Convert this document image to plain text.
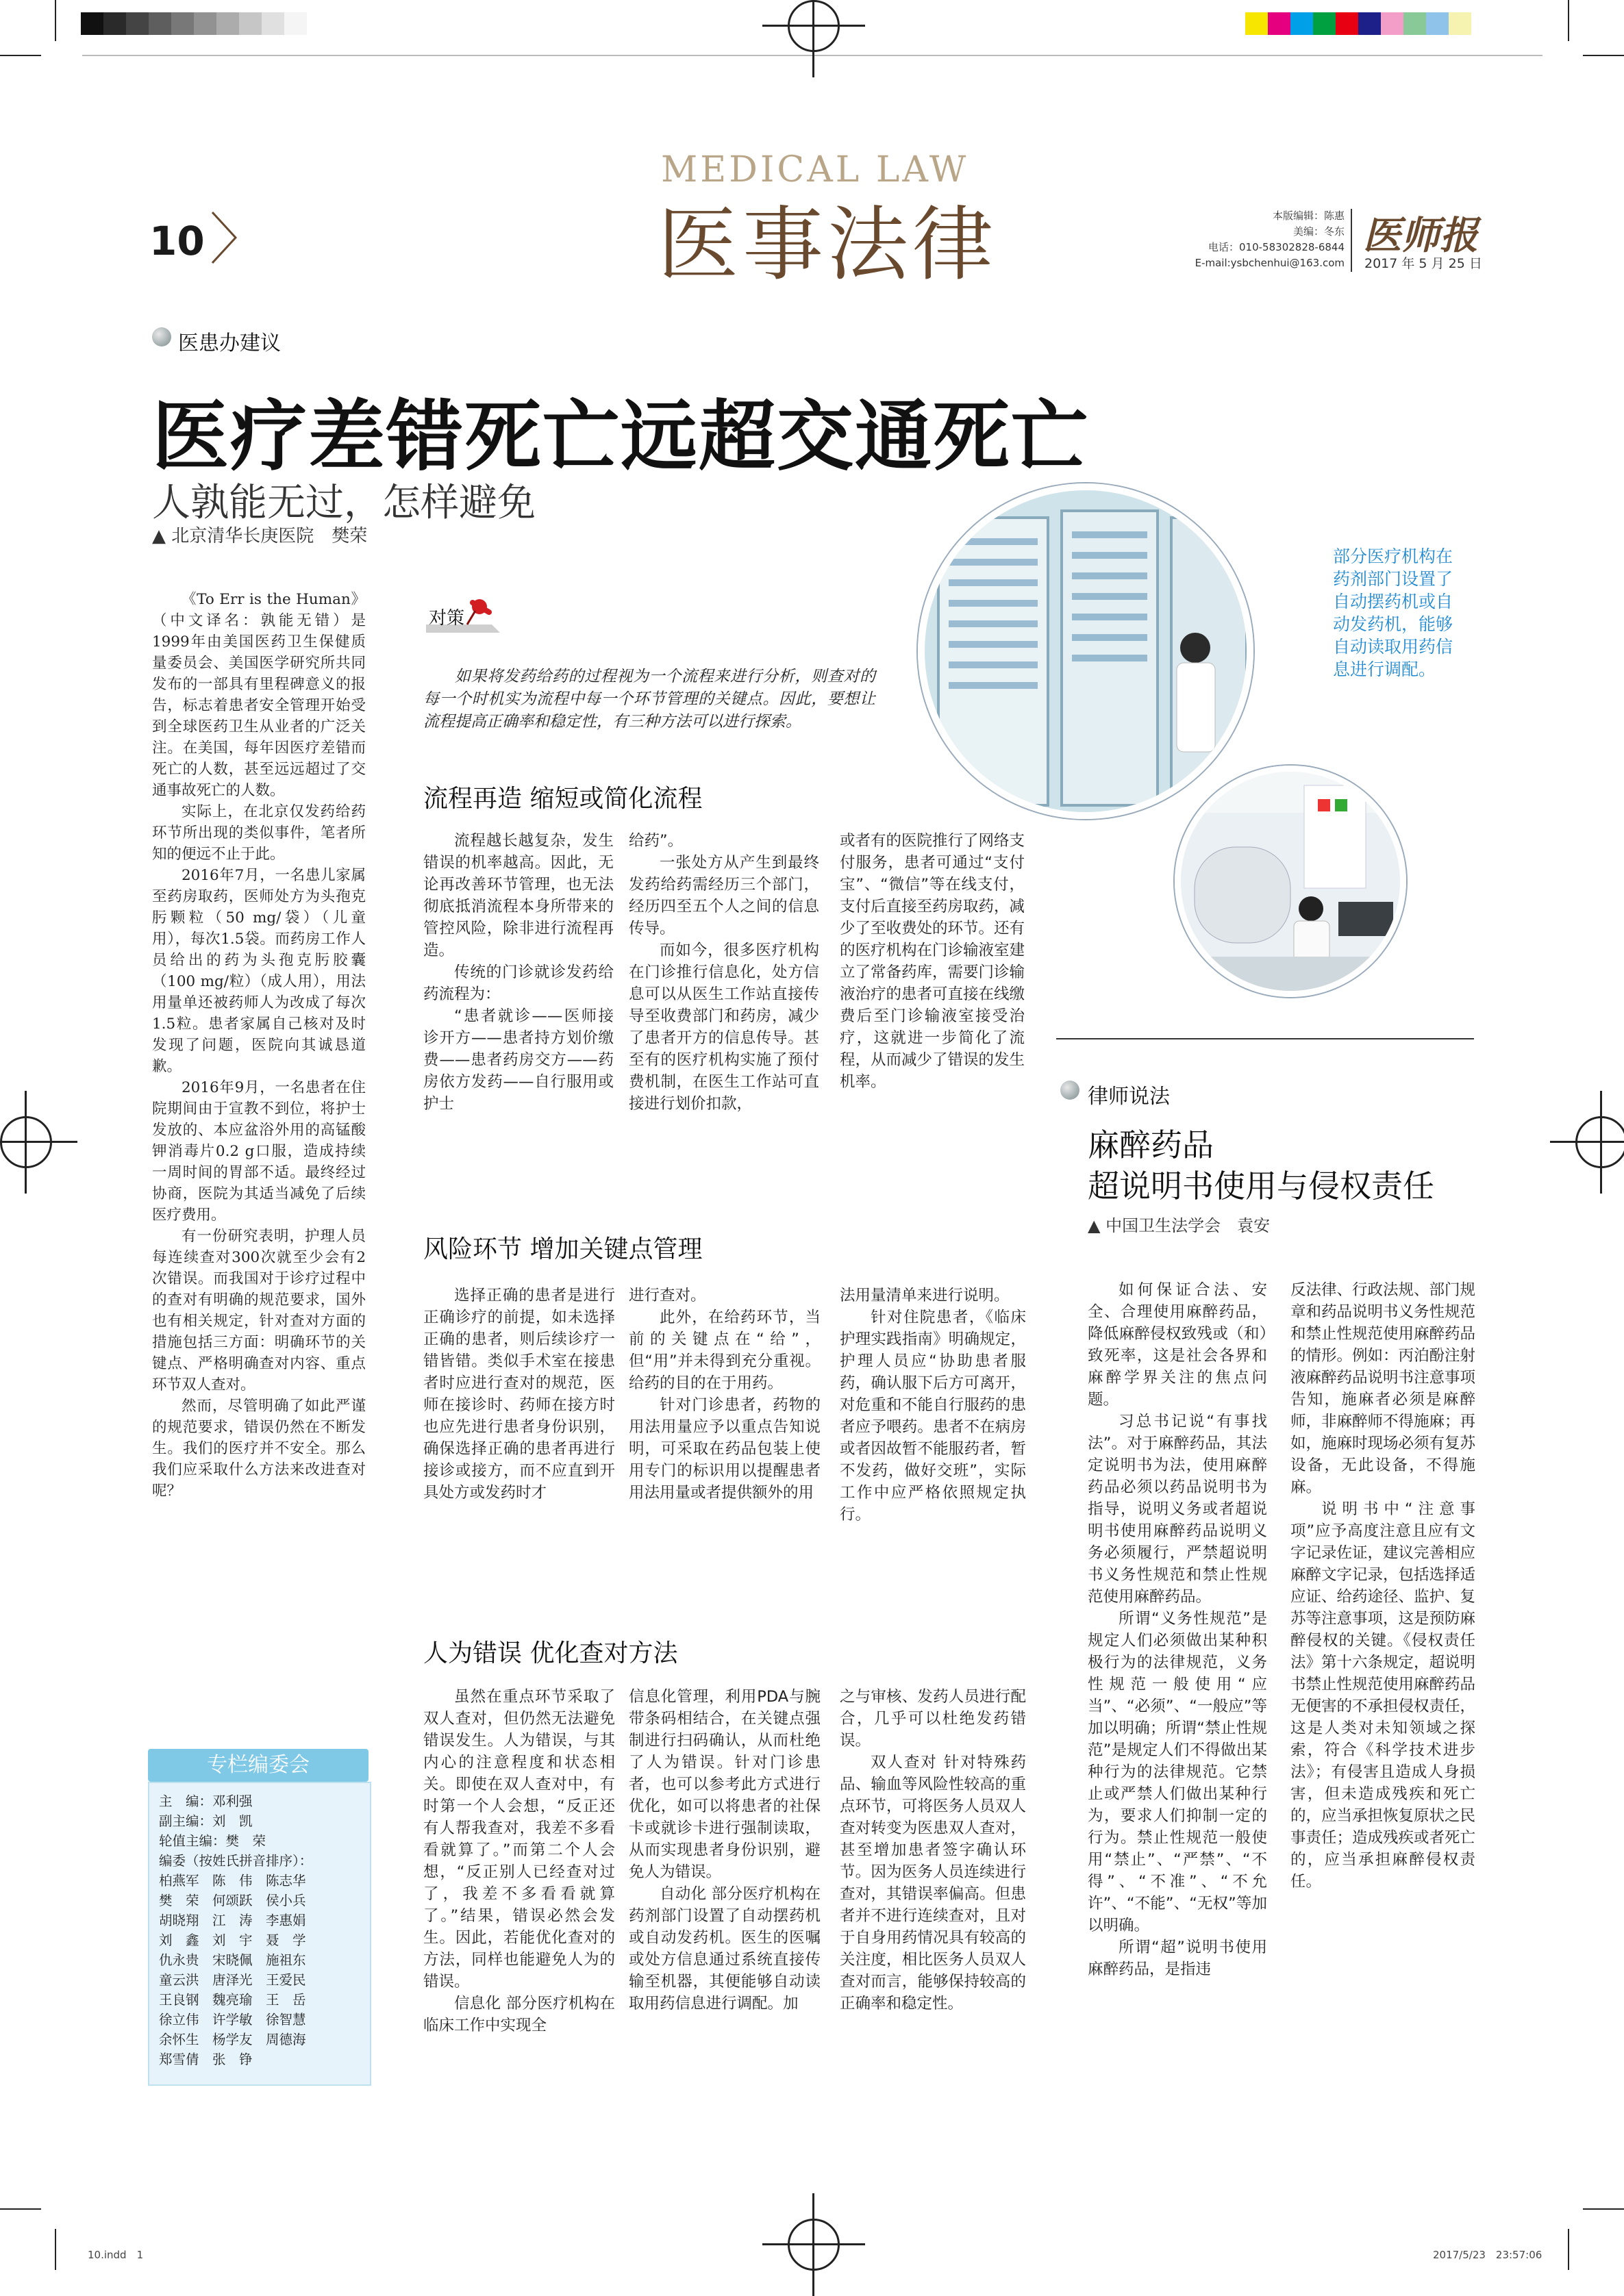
10
MEDICAL LAW
医事法律	本版编辑：陈惠
美编：冬东
电话：010-58302828-6844
E-mail:ysbchenhui@163.com
医师报
2017 年 5 月 25 日
医患办建议
医疗差错死亡远超交通死亡
人孰能无过，怎样避免
▲ 北京清华长庚医院　樊荣

《To Err is the Human》（中文译名：孰能无错）是1999年由美国医药卫生保健质量委员会、美国医学研究所共同发布的一部具有里程碑意义的报告，标志着患者安全管理开始受到全球医药卫生从业者的广泛关注。在美国，每年因医疗差错而死亡的人数，甚至远远超过了交通事故死亡的人数。

实际上，在北京仅发药给药环节所出现的类似事件，笔者所知的便远不止于此。

2016年7月，一名患儿家属至药房取药，医师处方为头孢克肟颗粒（50 mg/袋）（儿童用），每次1.5袋。而药房工作人员给出的药为头孢克肟胶囊（100 mg/粒）（成人用），用法用量单还被药师人为改成了每次1.5粒。患者家属自己核对及时发现了问题，医院向其诚恳道歉。

2016年9月，一名患者在住院期间由于宣教不到位，将护士发放的、本应盆浴外用的高锰酸钾消毒片0.2 g口服，造成持续一周时间的胃部不适。最终经过协商，医院为其适当减免了后续医疗费用。

有一份研究表明，护理人员每连续查对300次就至少会有2次错误。而我国对于诊疗过程中的查对有明确的规范要求，国外也有相关规定，针对查对方面的措施包括三方面：明确环节的关键点、严格明确查对内容、重点环节双人查对。

然而，尽管明确了如此严谨的规范要求，错误仍然在不断发生。我们的医疗并不安全。那么我们应采取什么方法来改进查对呢？

对策

如果将发药给药的过程视为一个流程来进行分析，则查对的每一个时机实为流程中每一个环节管理的关键点。因此，要想让流程提高正确率和稳定性，有三种方法可以进行探索。

流程再造 缩短或简化流程

流程越长越复杂，发生错误的机率越高。因此，无论再改善环节管理，也无法彻底抵消流程本身所带来的管控风险，除非进行流程再造。

传统的门诊就诊发药给药流程为：

“患者就诊——医师接诊开方——患者持方划价缴费——患者药房交方——药房依方发药——自行服用或护士

给药”。

一张处方从产生到最终发药给药需经历三个部门，经历四至五个人之间的信息传导。

而如今，很多医疗机构在门诊推行信息化，处方信息可以从医生工作站直接传导至收费部门和药房，减少了患者开方的信息传导。甚至有的医疗机构实施了预付费机制，在医生工作站可直接进行划价扣款，

或者有的医院推行了网络支付服务，患者可通过“支付宝”、“微信”等在线支付，支付后直接至药房取药，减少了至收费处的环节。还有的医疗机构在门诊输液室建立了常备药库，需要门诊输液治疗的患者可直接在线缴费后至门诊输液室接受治疗，这就进一步简化了流程，从而减少了错误的发生机率。

风险环节 增加关键点管理

选择正确的患者是进行正确诊疗的前提，如未选择正确的患者，则后续诊疗一错皆错。类似手术室在接患者时应进行查对的规范，医师在接诊时、药师在接方时也应先进行患者身份识别，确保选择正确的患者再进行接诊或接方，而不应直到开具处方或发药时才

进行查对。

此外，在给药环节，当前的关键点在“给”，但“用”并未得到充分重视。给药的目的在于用药。

针对门诊患者，药物的用法用量应予以重点告知说明，可采取在药品包装上使用专门的标识用以提醒患者用法用量或者提供额外的用

法用量清单来进行说明。

针对住院患者，《临床护理实践指南》明确规定，护理人员应“协助患者服药，确认服下后方可离开，对危重和不能自行服药的患者应予喂药。患者不在病房或者因故暂不能服药者，暂不发药，做好交班”，实际工作中应严格依照规定执行。

人为错误 优化查对方法

虽然在重点环节采取了双人查对，但仍然无法避免错误发生。人为错误，与其内心的注意程度和状态相关。即使在双人查对中，有时第一个人会想，“反正还有人帮我查对，我差不多看看就算了。”而第二个人会想，“反正别人已经查对过了，我差不多看看就算了。”结果，错误必然会发生。因此，若能优化查对的方法，同样也能避免人为的错误。

信息化 部分医疗机构在临床工作中实现全

信息化管理，利用PDA与腕带条码相结合，在关键点强制进行扫码确认，从而杜绝了人为错误。针对门诊患者，也可以参考此方式进行优化，如可以将患者的社保卡或就诊卡进行强制读取，从而实现患者身份识别，避免人为错误。

自动化 部分医疗机构在药剂部门设置了自动摆药机或自动发药机。医生的医嘱或处方信息通过系统直接传输至机器，其便能够自动读取用药信息进行调配。加

之与审核、发药人员进行配合，几乎可以杜绝发药错误。

双人查对 针对特殊药品、输血等风险性较高的重点环节，可将医务人员双人查对转变为医患双人查对，甚至增加患者签字确认环节。因为医务人员连续进行查对，其错误率偏高。但患者并不进行连续查对，且对于自身用药情况具有较高的关注度，相比医务人员双人查对而言，能够保持较高的正确率和稳定性。

部分医疗机构在药剂部门设置了自动摆药机或自动发药机，能够自动读取用药信息进行调配。
专栏编委会
主　编：邓利强
副主编：刘　凯
轮值主编：樊　荣
编委（按姓氏拼音排序）：
柏燕军　陈　伟　陈志华
樊　荣　何颂跃　侯小兵
胡晓翔　江　涛　李惠娟
刘　鑫　刘　宇　聂　学
仇永贵　宋晓佩　施祖东
童云洪　唐泽光　王爱民
王良钢　魏亮瑜　王　岳
徐立伟　许学敏　徐智慧
余怀生　杨学友　周德海
郑雪倩　张　铮
律师说法
麻醉药品
超说明书使用与侵权责任
▲ 中国卫生法学会　袁安

如何保证合法、安全、合理使用麻醉药品，降低麻醉侵权致残或（和）致死率，这是社会各界和麻醉学界关注的焦点问题。

习总书记说“有事找法”。对于麻醉药品，其法定说明书为法，使用麻醉药品必须以药品说明书为指导，说明义务或者超说明书使用麻醉药品说明义务必须履行，严禁超说明书义务性规范和禁止性规范使用麻醉药品。

所谓“义务性规范”是规定人们必须做出某种积极行为的法律规范，义务性规范一般使用“应当”、“必须”、“一般应”等加以明确；所谓“禁止性规范”是规定人们不得做出某种行为的法律规范。它禁止或严禁人们做出某种行为，要求人们抑制一定的行为。禁止性规范一般使用“禁止”、“严禁”、“不得”、“不准”、“不允许”、“不能”、“无权”等加以明确。

所谓“超”说明书使用麻醉药品，是指违

反法律、行政法规、部门规章和药品说明书义务性规范和禁止性规范使用麻醉药品的情形。例如：丙泊酚注射液麻醉药品说明书注意事项告知，施麻者必须是麻醉师，非麻醉师不得施麻；再如，施麻时现场必须有复苏设备，无此设备，不得施麻。

说明书中“注意事项”应予高度注意且应有文字记录佐证，建议完善相应麻醉文字记录，包括选择适应证、给药途径、监护、复苏等注意事项，这是预防麻醉侵权的关键。《侵权责任法》第十六条规定，超说明书禁止性规范使用麻醉药品无便害的不承担侵权责任，这是人类对未知领域之探索，符合《科学技术进步法》；有侵害且造成人身损害，但未造成残疾和死亡的，应当承担恢复原状之民事责任；造成残疾或者死亡的，应当承担麻醉侵权责任。

10.indd　1	2017/5/23　23:57:06
